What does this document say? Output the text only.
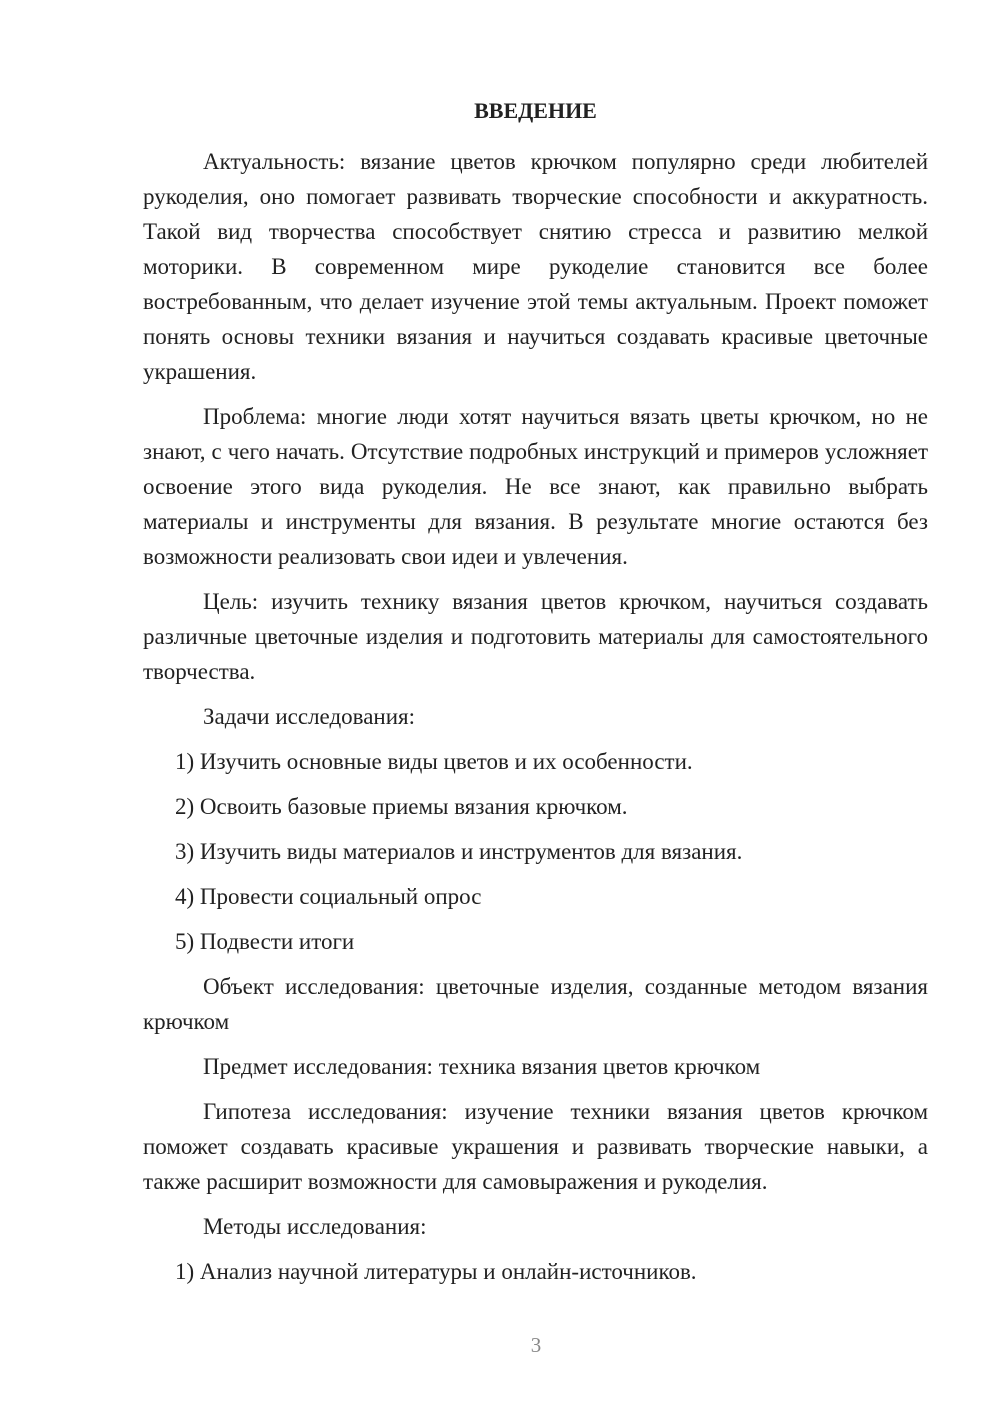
ВВЕДЕНИЕ

Актуальность: вязание цветов крючком популярно среди любителей рукоделия, оно помогает развивать творческие способности и аккуратность. Такой вид творчества способствует снятию стресса и развитию мелкой моторики. В современном мире рукоделие становится все более востребованным, что делает изучение этой темы актуальным. Проект поможет понять основы техники вязания и научиться создавать красивые цветочные украшения.

Проблема: многие люди хотят научиться вязать цветы крючком, но не знают, с чего начать. Отсутствие подробных инструкций и примеров усложняет освоение этого вида рукоделия. Не все знают, как правильно выбрать материалы и инструменты для вязания. В результате многие остаются без возможности реализовать свои идеи и увлечения.

Цель: изучить технику вязания цветов крючком, научиться создавать различные цветочные изделия и подготовить материалы для самостоятельного творчества.

Задачи исследования:

1) Изучить основные виды цветов и их особенности.

2) Освоить базовые приемы вязания крючком.

3) Изучить виды материалов и инструментов для вязания.

4) Провести социальный опрос

5) Подвести итоги

Объект исследования: цветочные изделия, созданные методом вязания крючком

Предмет исследования: техника вязания цветов крючком

Гипотеза исследования: изучение техники вязания цветов крючком поможет создавать красивые украшения и развивать творческие навыки, а также расширит возможности для самовыражения и рукоделия.

Методы исследования:

1) Анализ научной литературы и онлайн-источников.

3
